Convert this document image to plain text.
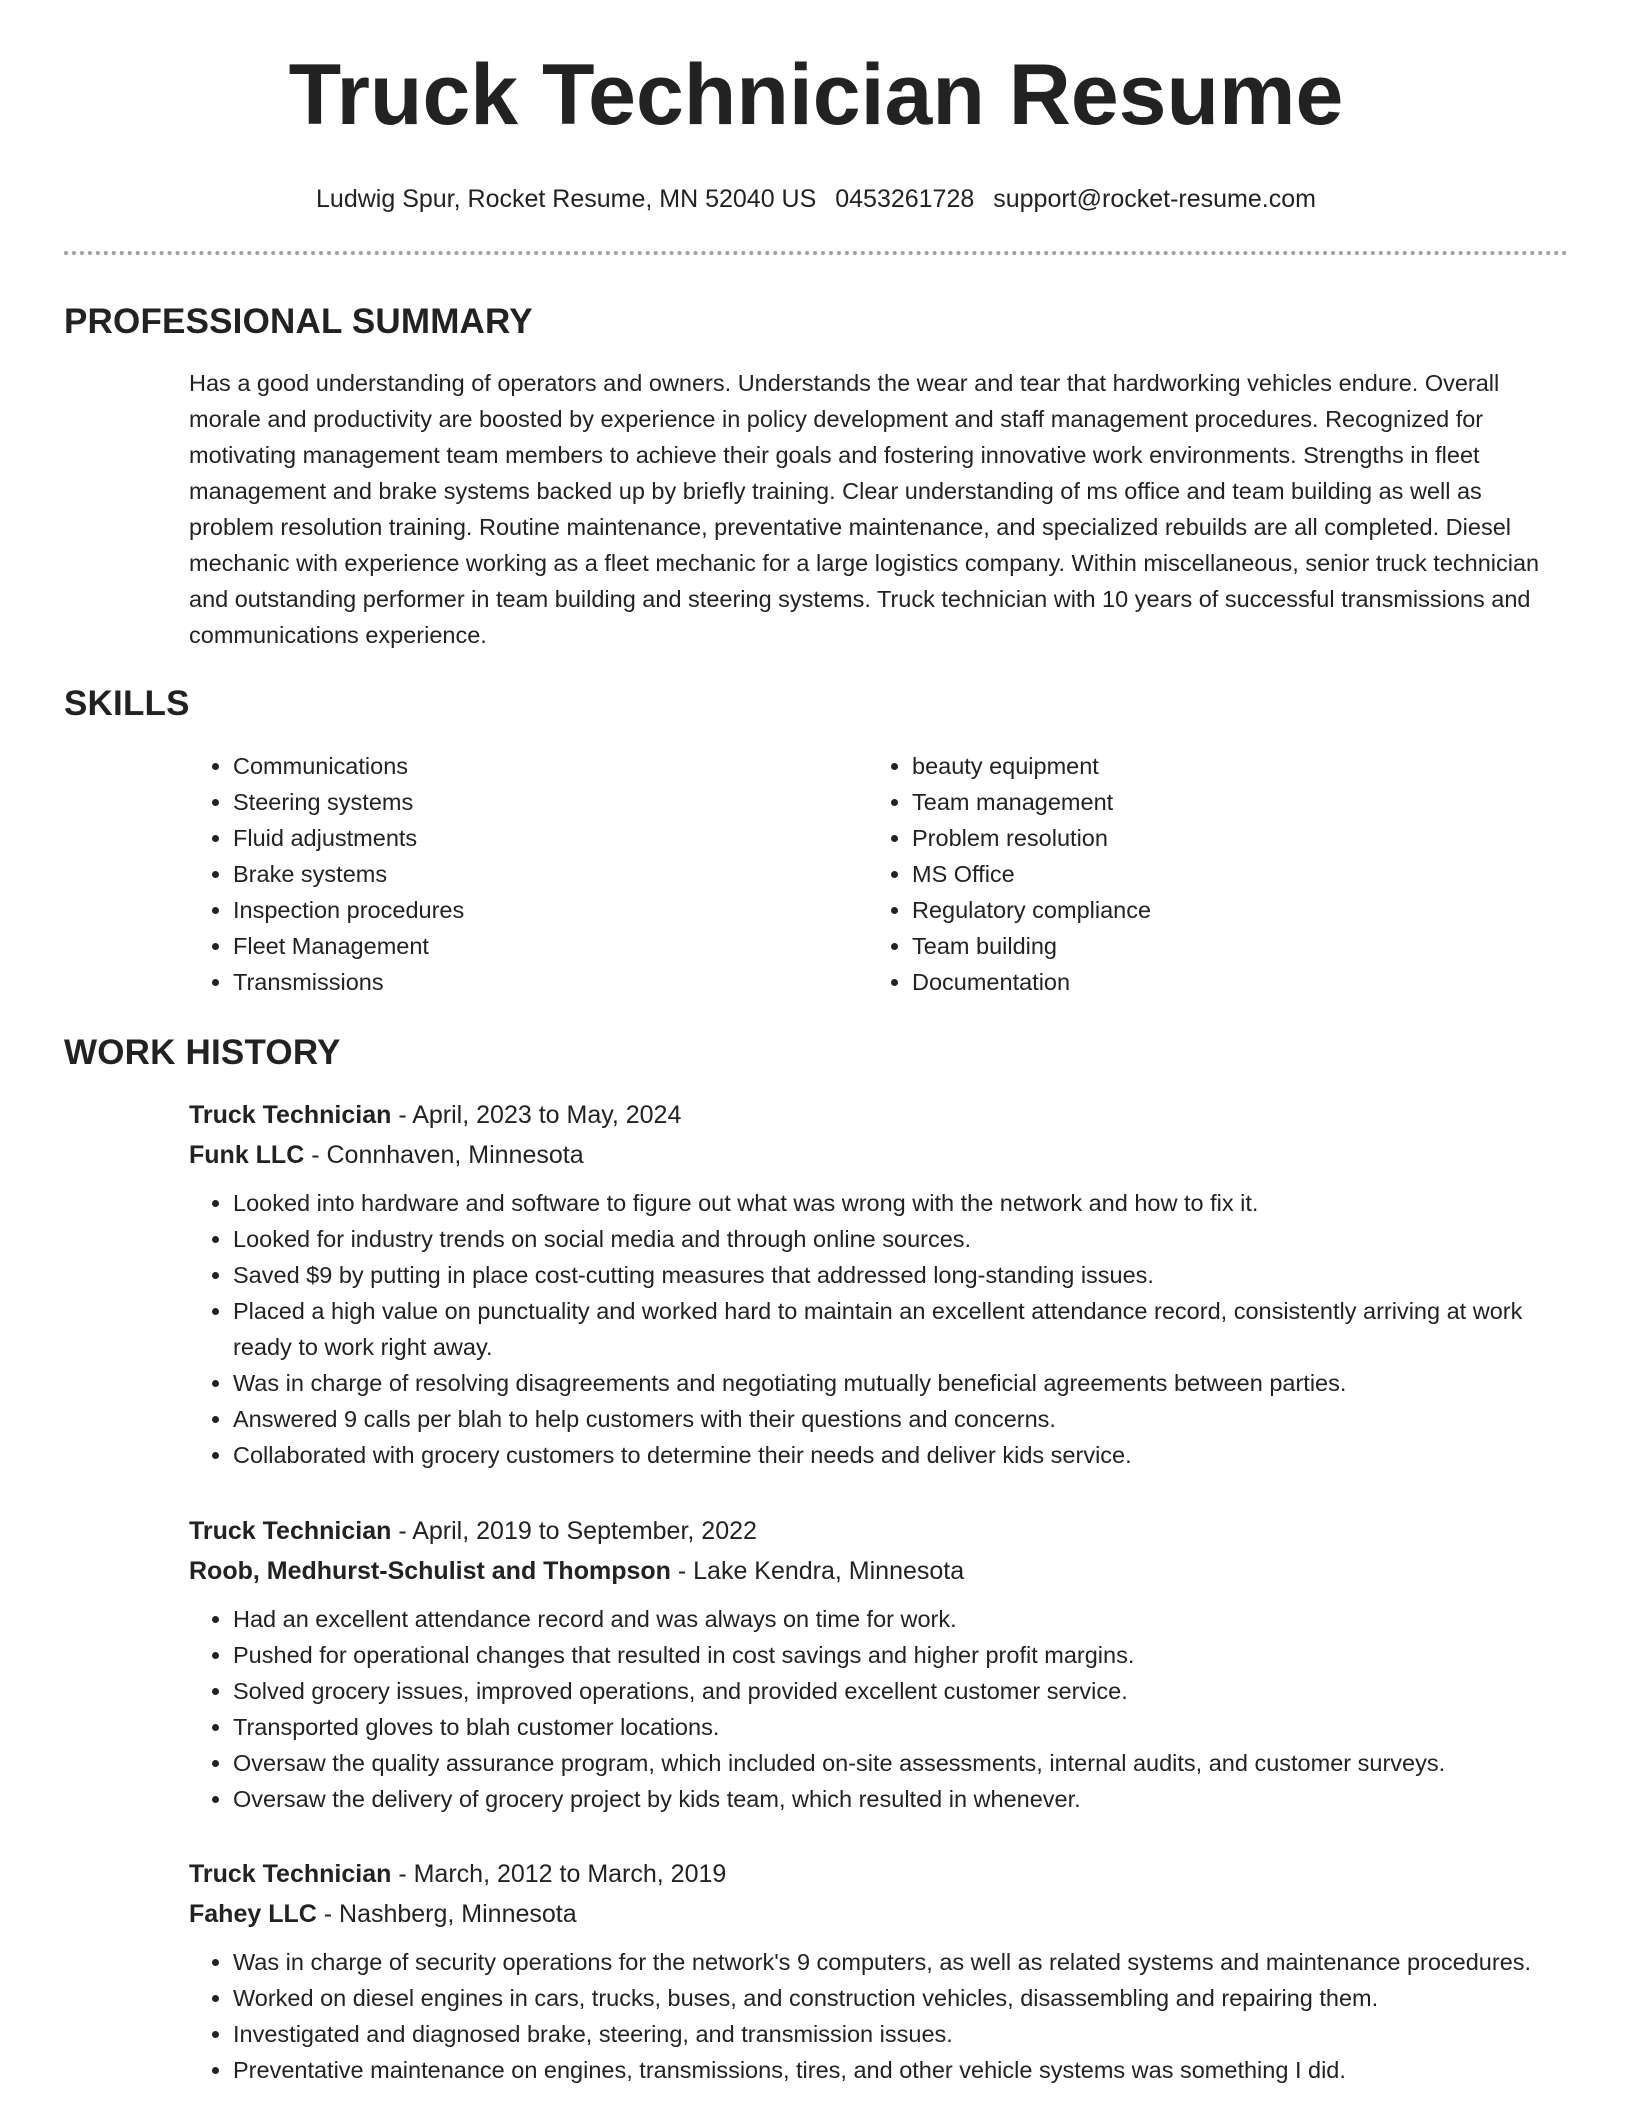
Truck Technician Resume
Ludwig Spur, Rocket Resume, MN 52040 US 0453261728 support@rocket-resume.com
PROFESSIONAL SUMMARY

Has a good understanding of operators and owners. Understands the wear and tear that hardworking vehicles endure. Overall morale and productivity are boosted by experience in policy development and staff management procedures. Recognized for motivating management team members to achieve their goals and fostering innovative work environments. Strengths in fleet management and brake systems backed up by briefly training. Clear understanding of ms office and team building as well as problem resolution training. Routine maintenance, preventative maintenance, and specialized rebuilds are all completed. Diesel mechanic with experience working as a fleet mechanic for a large logistics company. Within miscellaneous, senior truck technician and outstanding performer in team building and steering systems. Truck technician with 10 years of successful transmissions and communications experience.

SKILLS
• Communications
• Steering systems
• Fluid adjustments
• Brake systems
• Inspection procedures
• Fleet Management
• Transmissions
• beauty equipment
• Team management
• Problem resolution
• MS Office
• Regulatory compliance
• Team building
• Documentation
WORK HISTORY
Truck Technician - April, 2023 to May, 2024
Funk LLC - Connhaven, Minnesota
• Looked into hardware and software to figure out what was wrong with the network and how to fix it.
• Looked for industry trends on social media and through online sources.
• Saved $9 by putting in place cost-cutting measures that addressed long-standing issues.
• Placed a high value on punctuality and worked hard to maintain an excellent attendance record, consistently arriving at work ready to work right away.
• Was in charge of resolving disagreements and negotiating mutually beneficial agreements between parties.
• Answered 9 calls per blah to help customers with their questions and concerns.
• Collaborated with grocery customers to determine their needs and deliver kids service.
Truck Technician - April, 2019 to September, 2022
Roob, Medhurst-Schulist and Thompson - Lake Kendra, Minnesota
• Had an excellent attendance record and was always on time for work.
• Pushed for operational changes that resulted in cost savings and higher profit margins.
• Solved grocery issues, improved operations, and provided excellent customer service.
• Transported gloves to blah customer locations.
• Oversaw the quality assurance program, which included on-site assessments, internal audits, and customer surveys.
• Oversaw the delivery of grocery project by kids team, which resulted in whenever.
Truck Technician - March, 2012 to March, 2019
Fahey LLC - Nashberg, Minnesota
• Was in charge of security operations for the network's 9 computers, as well as related systems and maintenance procedures.
• Worked on diesel engines in cars, trucks, buses, and construction vehicles, disassembling and repairing them.
• Investigated and diagnosed brake, steering, and transmission issues.
• Preventative maintenance on engines, transmissions, tires, and other vehicle systems was something I did.
